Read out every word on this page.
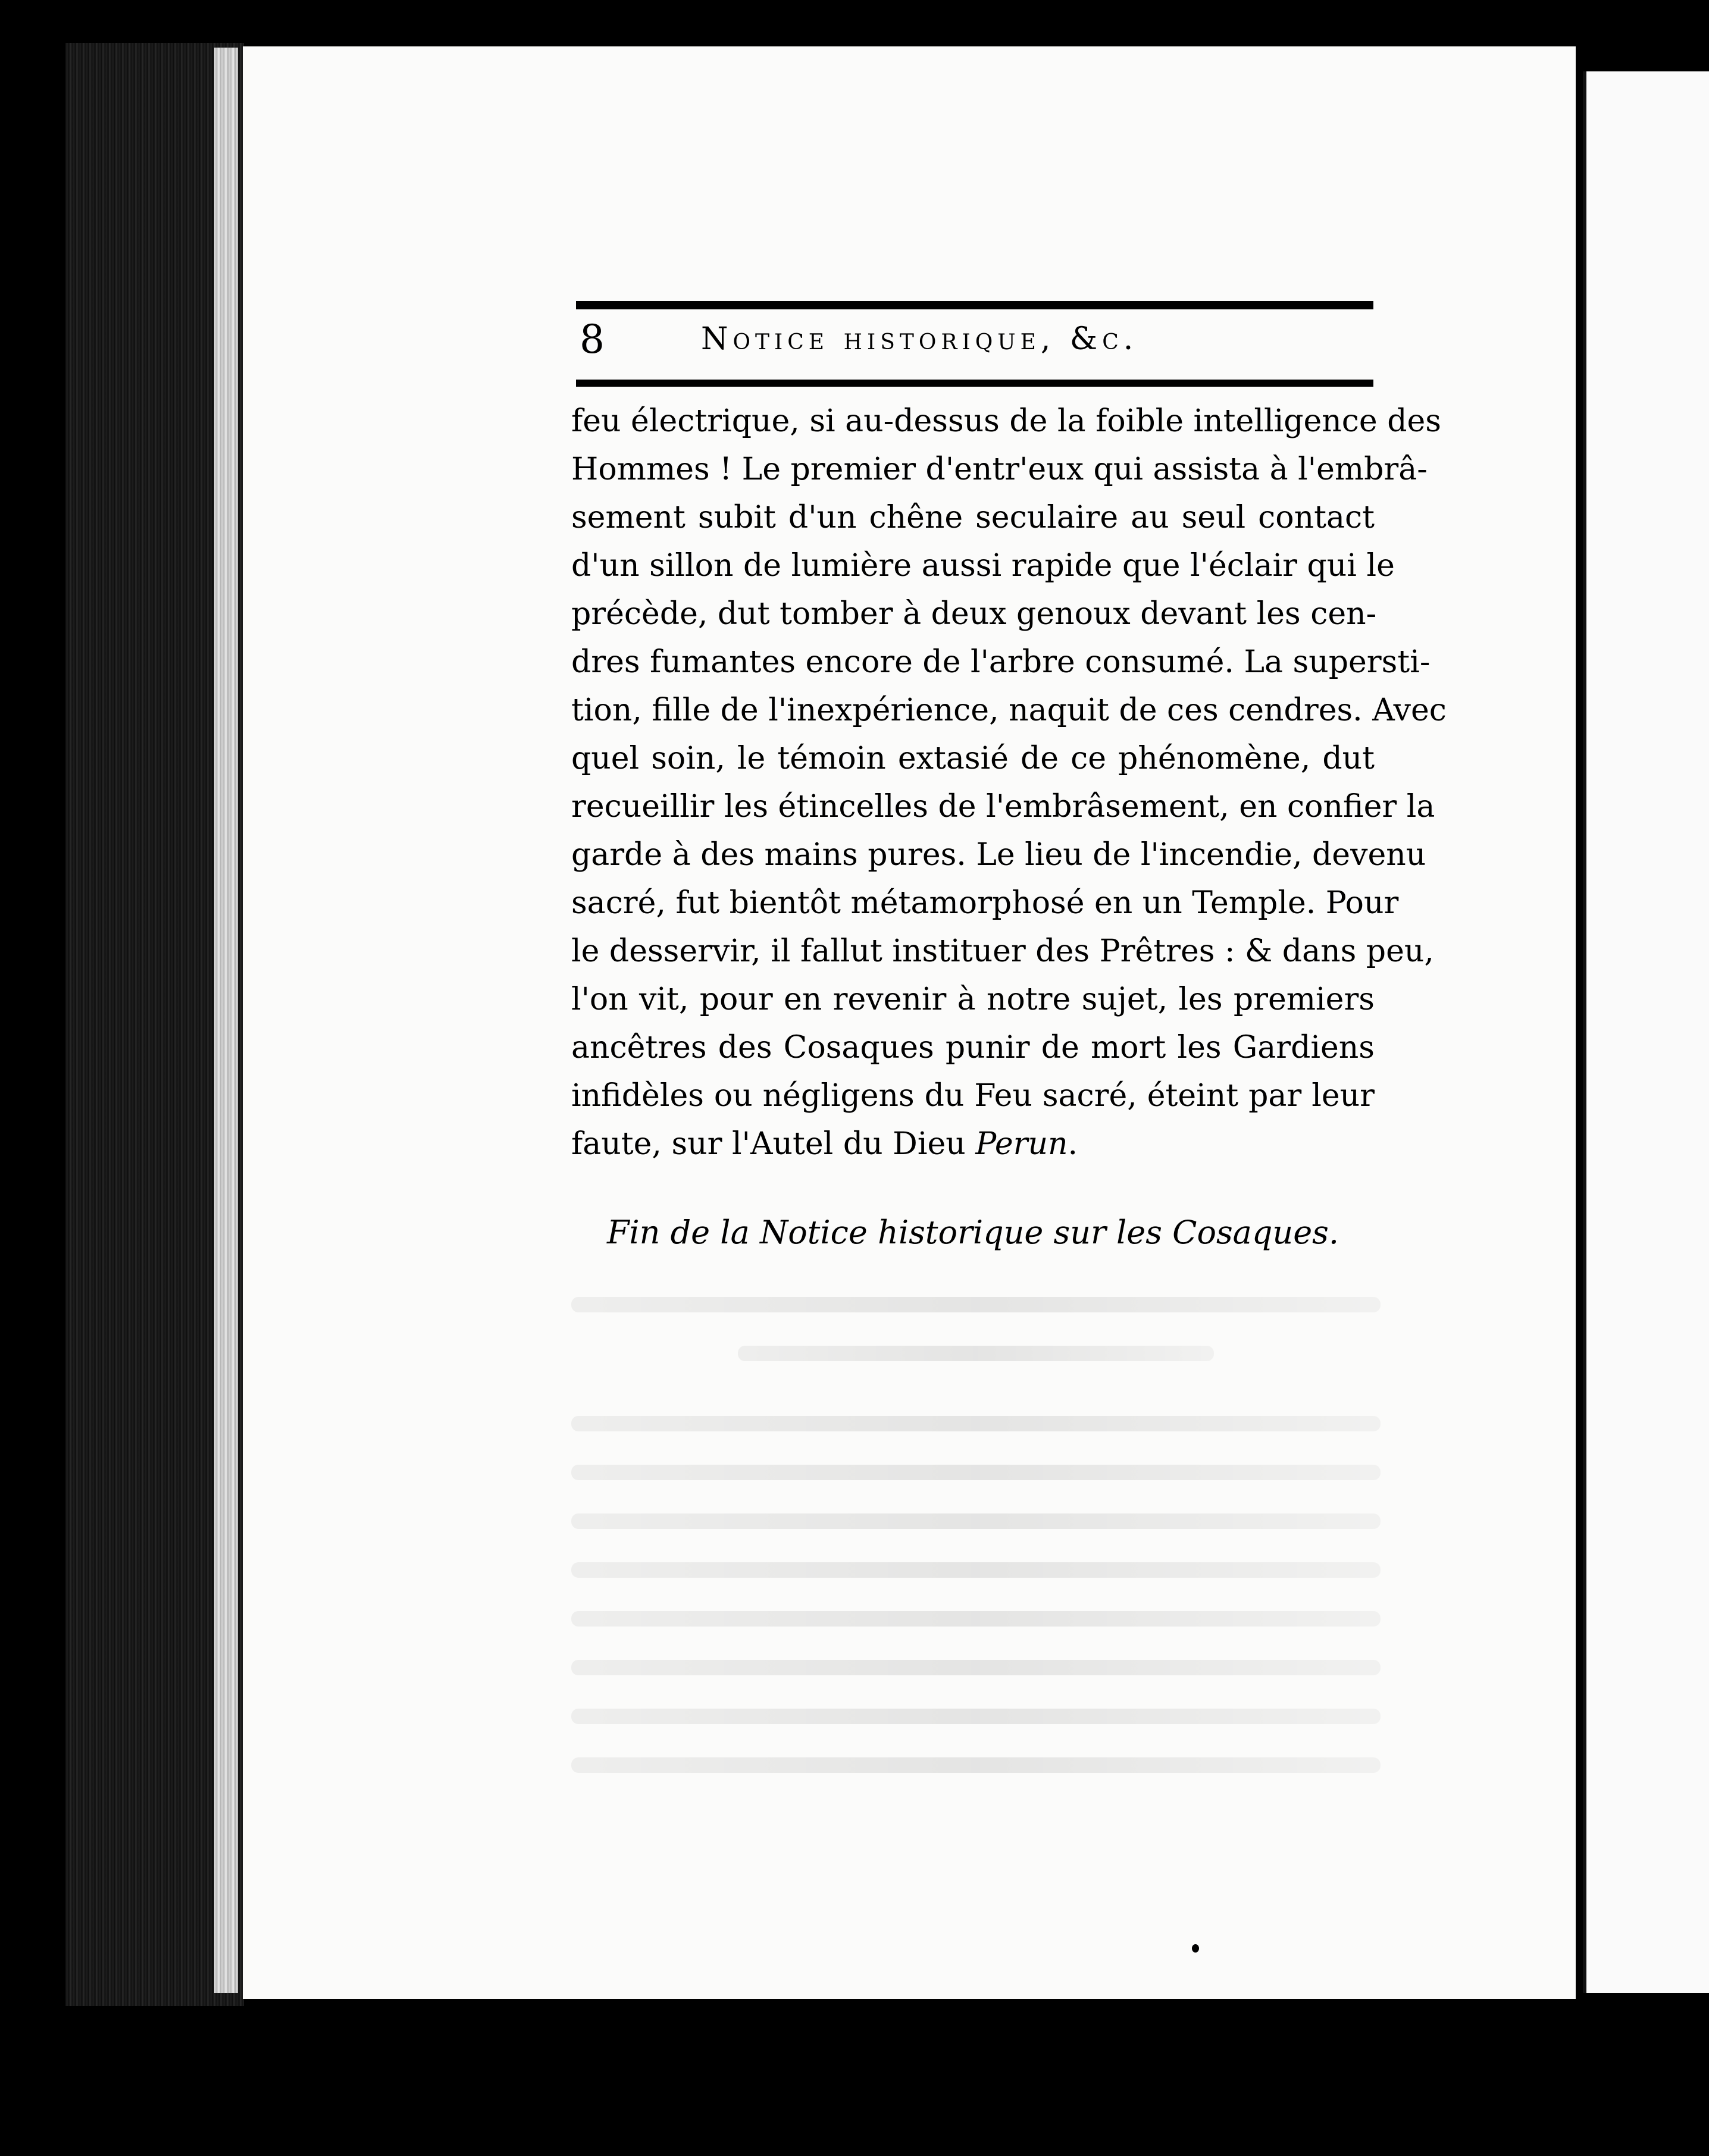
8	Notice historique, &c.
feu électrique, si au-dessus de la foible intelligence des
Hommes ! Le premier d'entr'eux qui assista à l'embrâ-
sement subit d'un chêne seculaire au seul contact
d'un sillon de lumière aussi rapide que l'éclair qui le
précède, dut tomber à deux genoux devant les cen-
dres fumantes encore de l'arbre consumé. La supersti-
tion, fille de l'inexpérience, naquit de ces cendres. Avec
quel soin, le témoin extasié de ce phénomène, dut
recueillir les étincelles de l'embrâsement, en confier la
garde à des mains pures. Le lieu de l'incendie, devenu
sacré, fut bientôt métamorphosé en un Temple. Pour
le desservir, il fallut instituer des Prêtres : & dans peu,
l'on vit, pour en revenir à notre sujet, les premiers
ancêtres des Cosaques punir de mort les Gardiens
infidèles ou négligens du Feu sacré, éteint par leur
faute, sur l'Autel du Dieu Perun.
Fin de la Notice historique sur les Cosaques.
